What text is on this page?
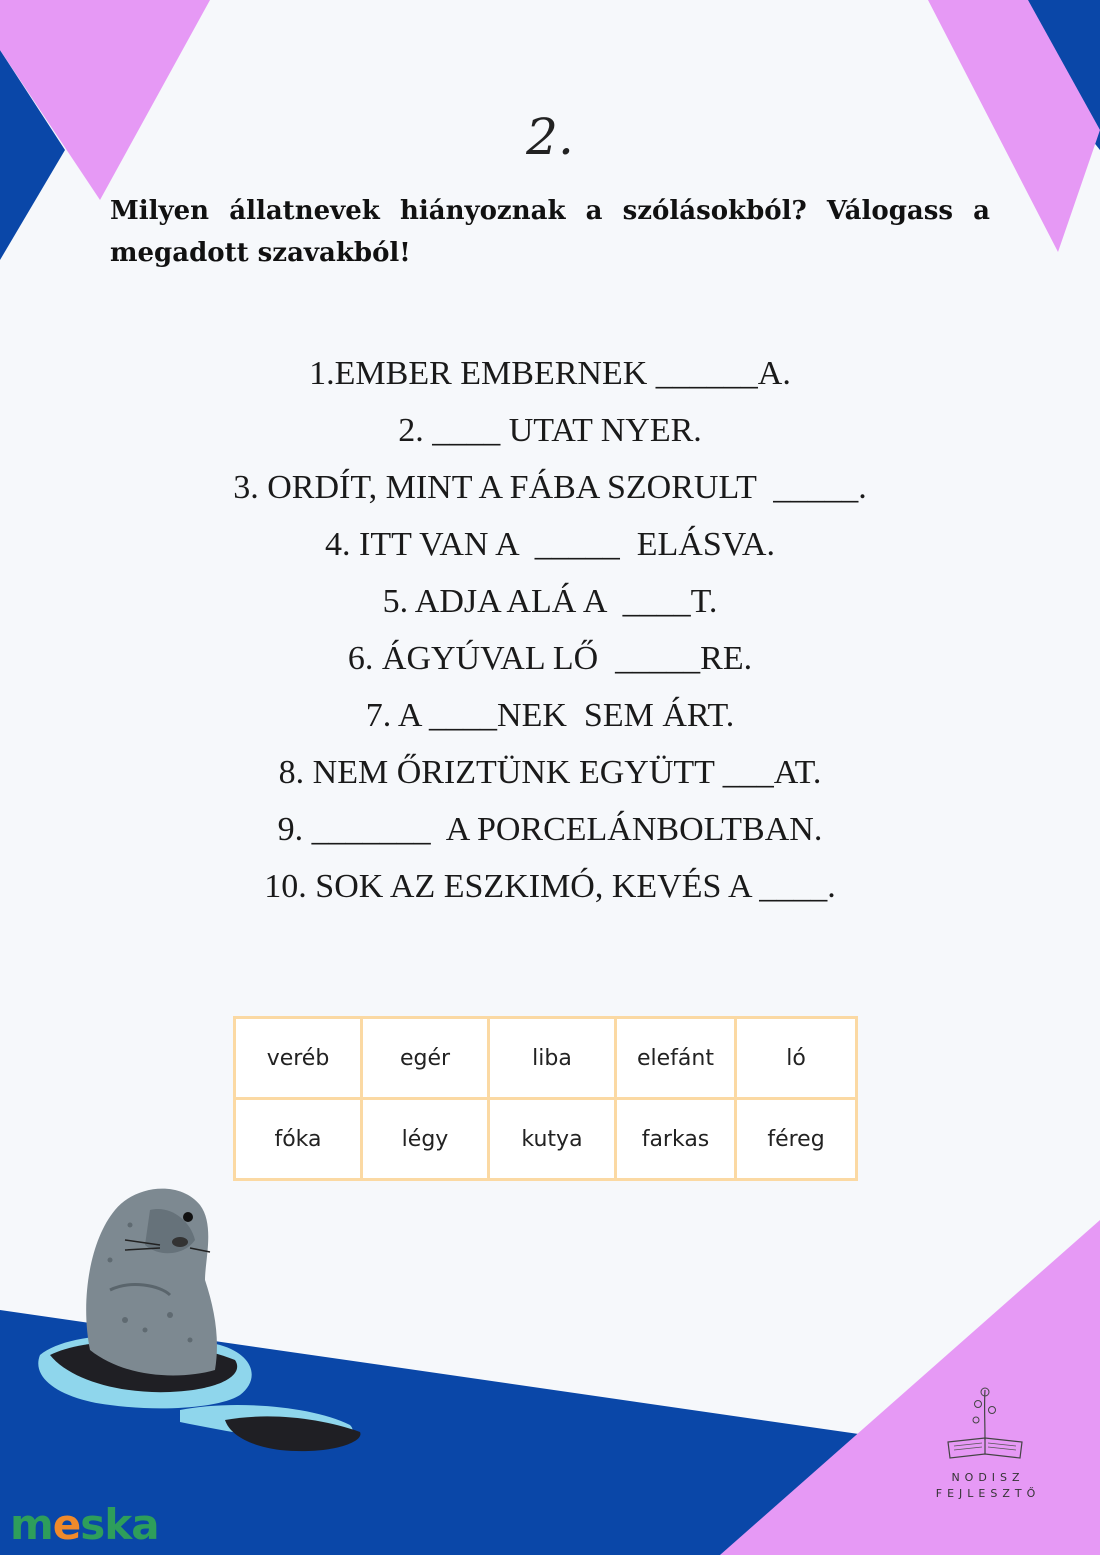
2.
Milyen állatnevek hiányoznak a szólásokból? Válogass a megadott szavakból!
1.EMBER EMBERNEK ______A.
2. ____ UTAT NYER.
3. ORDÍT, MINT A FÁBA SZORULT  _____.
4. ITT VAN A  _____  ELÁSVA.
5. ADJA ALÁ A  ____T.
6. ÁGYÚVAL LŐ  _____RE.
7. A ____NEK  SEM ÁRT.
8. NEM ŐRIZTÜNK EGYÜTT ___AT.
9. _______  A PORCELÁNBOLTBAN.
10. SOK AZ ESZKIMÓ, KEVÉS A ____.
veréb	egér	liba	elefánt	ló
fóka	légy	kutya	farkas	féreg
NODISZ
FEJLESZTŐ
meska
